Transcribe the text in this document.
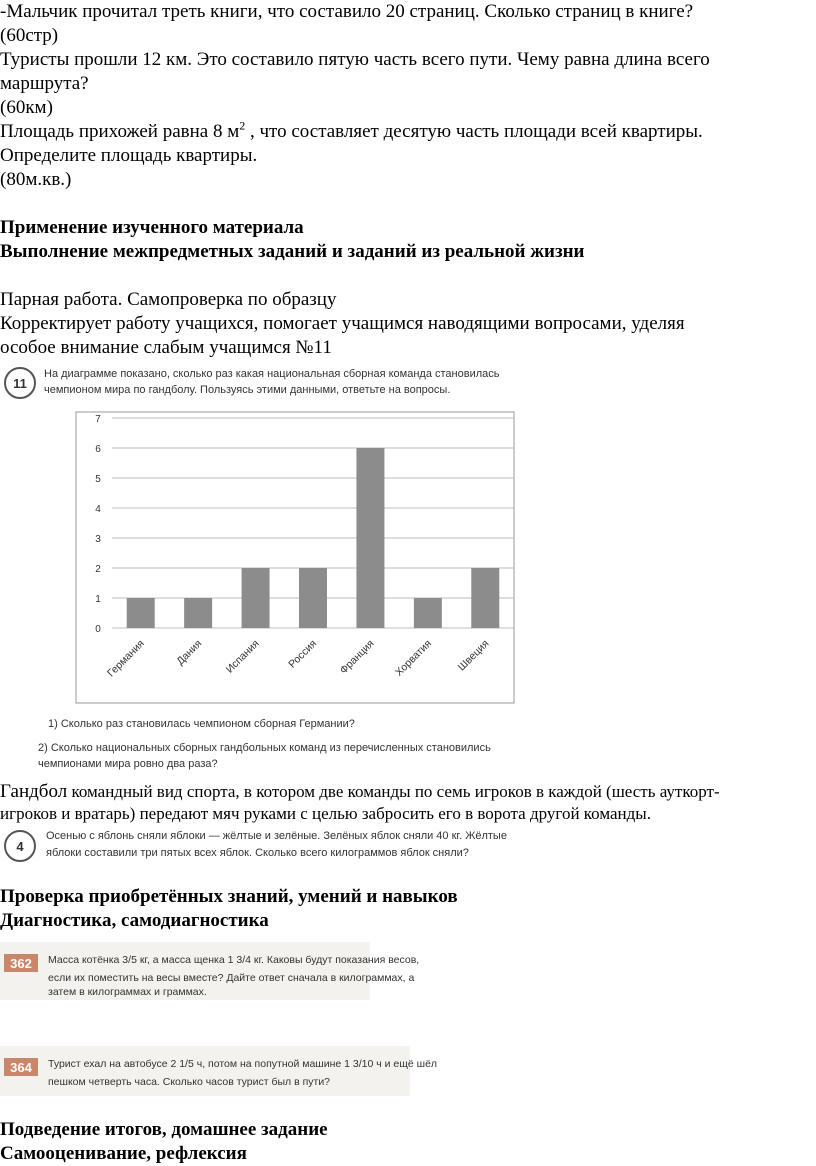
-Мальчик прочитал треть книги, что составило 20 страниц. Сколько страниц в книге?
(60стр)
Туристы прошли 12 км. Это составило пятую часть всего пути. Чему равна длина всего
маршрута?
(60км)
Площадь прихожей равна 8 $м^2$ , что составляет десятую часть площади всей квартиры.
Определите площадь квартиры.
(80м.кв.)
Применение изученного материала
Выполнение межпредметных заданий и заданий из реальной жизни
Парная работа. Самопроверка по образцу
Корректирует работу учащихся, помогает учащимся наводящими вопросами, уделяя
особое внимание слабым учащимся №11
11
На диаграмме показано, сколько раз какая национальная сборная команда становилась
чемпионом мира по гандболу. Пользуясь этими данными, ответьте на вопросы.
0
1
2
3
4
5
6
7
Германия	Дания Испания Россия Франция Хорватия Швеция
1) Сколько раз становилась чемпионом сборная Германии?
2) Сколько национальных сборных гандбольных команд из перечисленных становились
чемпионами мира ровно два раза?
Гандбол командный вид спорта, в котором две команды по семь игроков в каждой (шесть ауткорт-
игроков и вратарь) передают мяч руками с целью забросить его в ворота другой команды.
4
Осенью с яблонь сняли яблоки — жёлтые и зелёные. Зелёных яблок сняли 40 кг. Жёлтые
яблоки составили три пятых всех яблок. Сколько всего килограммов яблок сняли?
Проверка приобретённых знаний, умений и навыков
Диагностика, самодиагностика
362	Масса котёнка 3/5 кг, а масса щенка 1 3/4 кг. Каковы будут показания весов,
если их поместить на весы вместе? Дайте ответ сначала в килограммах, а
затем в килограммах и граммах.
364	Турист ехал на автобусе 2 1/5 ч, потом на попутной машине 1 3/10 ч и ещё шёл
пешком четверть часа. Сколько часов турист был в пути?
Подведение итогов, домашнее задание
Самооценивание, рефлексия
